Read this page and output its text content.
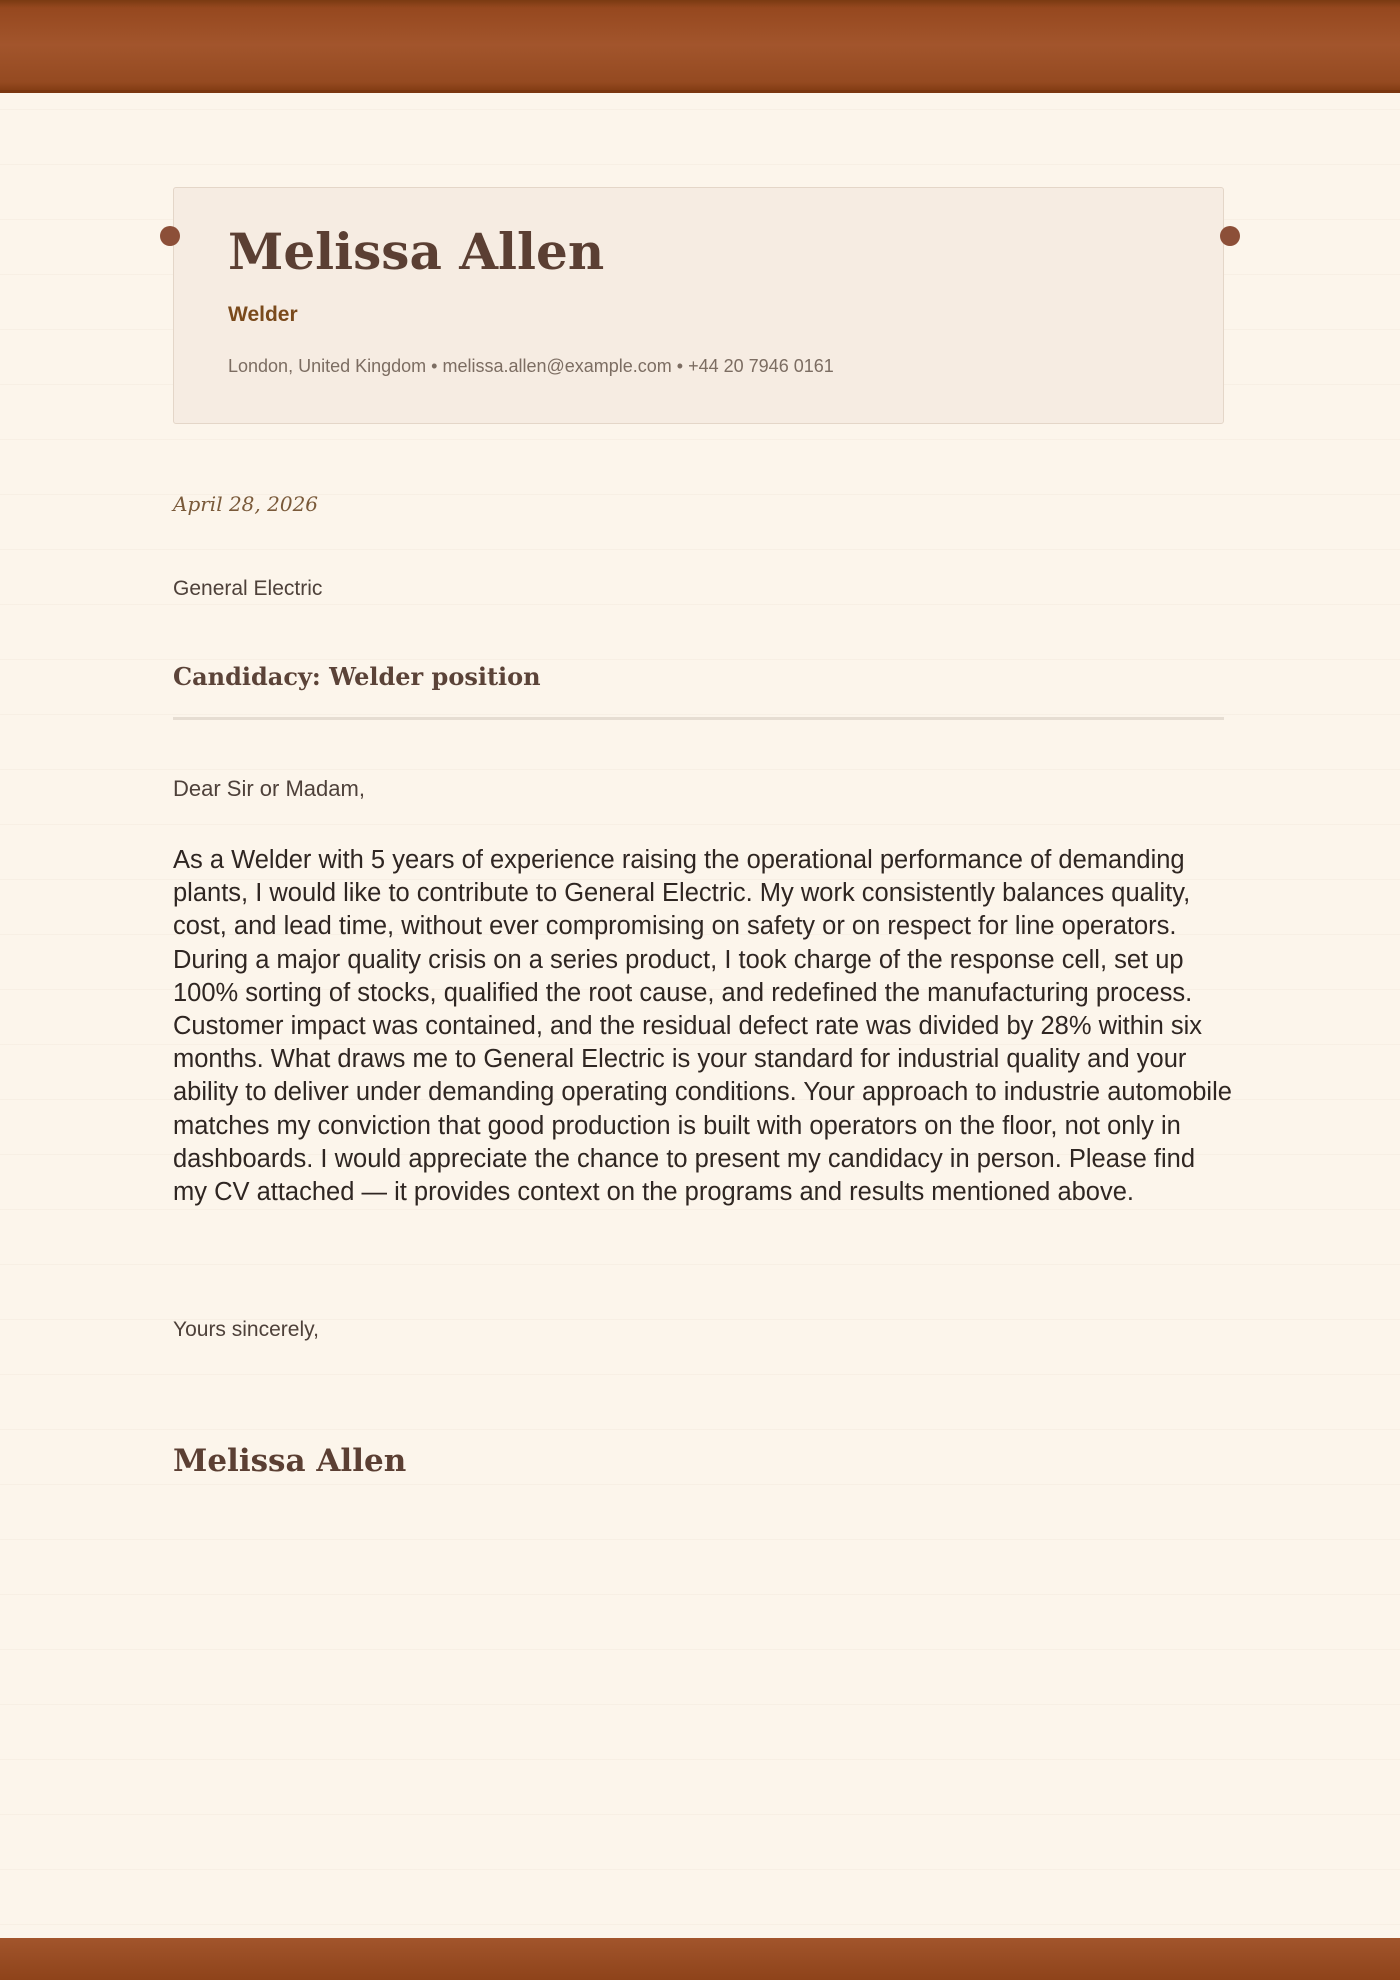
Melissa Allen
Welder
London, United Kingdom • melissa.allen@example.com • +44 20 7946 0161
April 28, 2026
General Electric
Candidacy: Welder position
Dear Sir or Madam,

As a Welder with 5 years of experience raising the operational performance of demanding plants, I would like to contribute to General Electric. My work consistently balances quality, cost, and lead time, without ever compromising on safety or on respect for line operators. During a major quality crisis on a series product, I took charge of the response cell, set up 100% sorting of stocks, qualified the root cause, and redefined the manufacturing process. Customer impact was contained, and the residual defect rate was divided by 28% within six months. What draws me to General Electric is your standard for industrial quality and your ability to deliver under demanding operating conditions. Your approach to industrie automobile matches my conviction that good production is built with operators on the floor, not only in dashboards. I would appreciate the chance to present my candidacy in person. Please find my CV attached — it provides context on the programs and results mentioned above.

Yours sincerely,
Melissa Allen
